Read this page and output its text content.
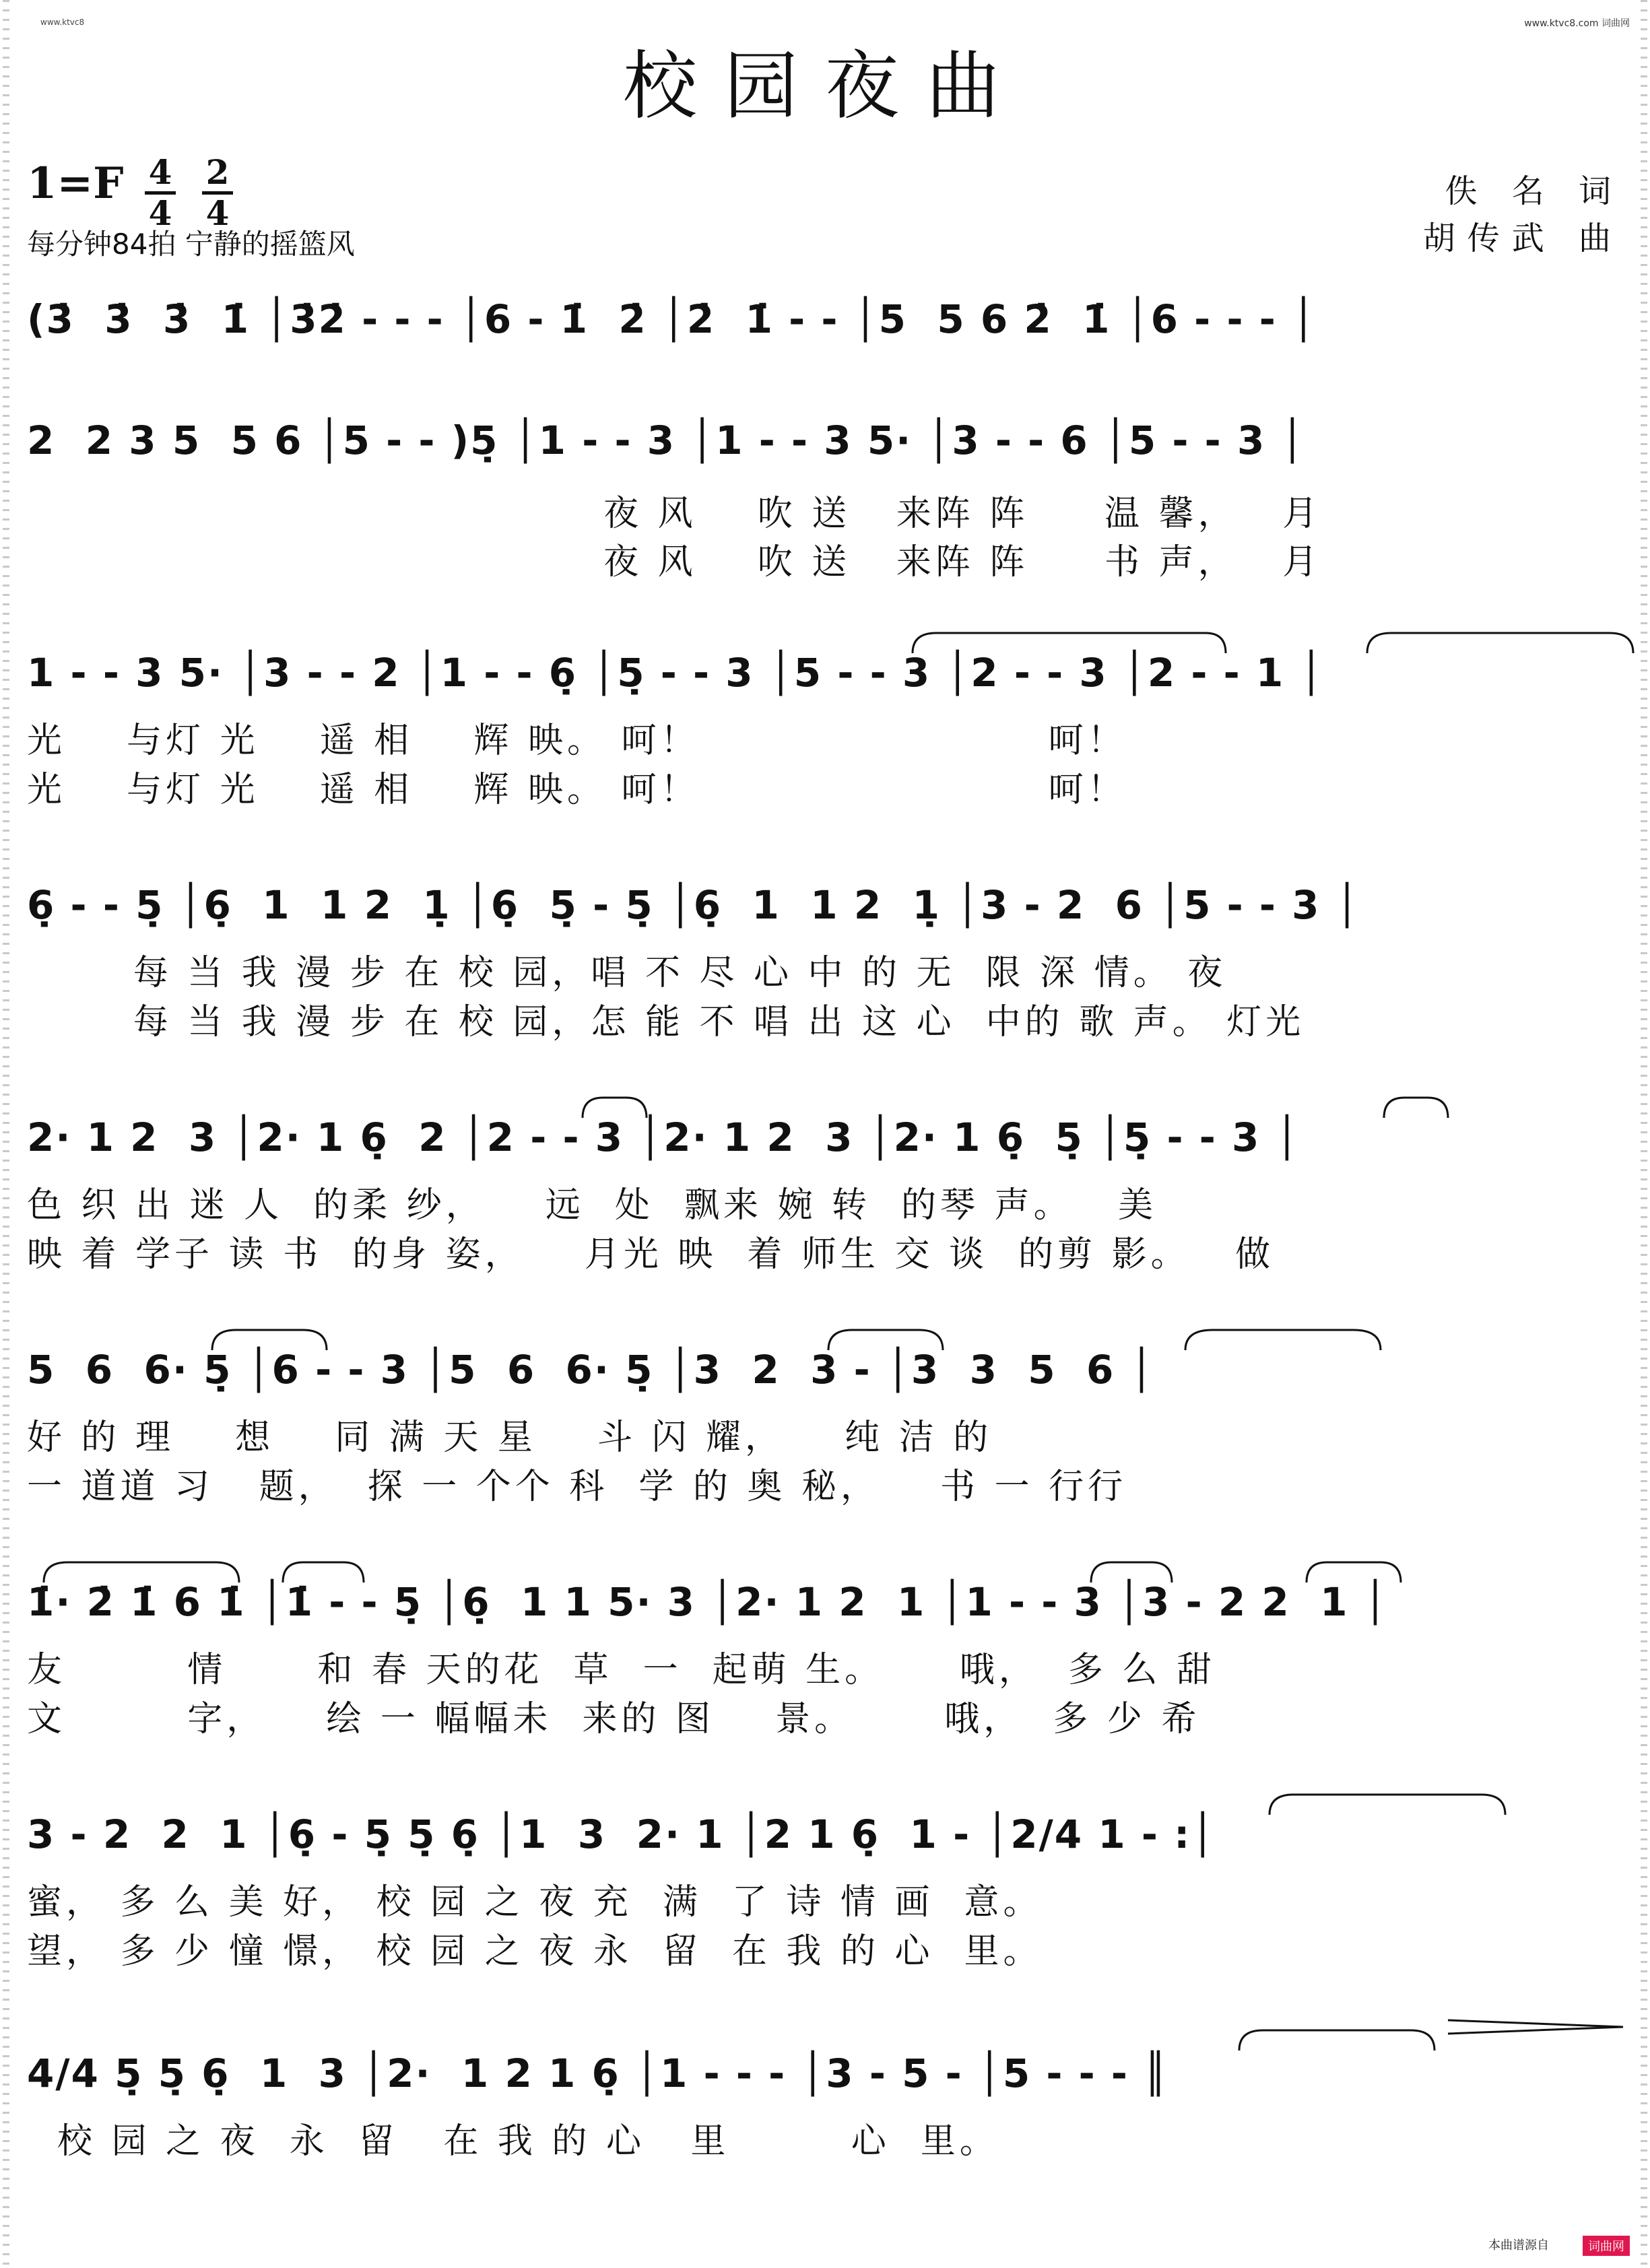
www.ktvc8	www.ktvc8.com 词曲网
校园夜曲
1=F 4
4
2
4
每分钟84拍 宁静的摇篮风
佚 名 词
胡传武 曲
(3̇  3̇  3̇  1̇ │3̇2̇ - - - │6 - 1̇  2̇ │2̇  1̇ - - │5  5 6 2̇  1̇ │6 - - - │
2  2 3 5  5 6 │5 - - )5̣ │1 - - 3 │1 - - 3 5· │3 - - 6 │5 - - 3 │
夜 风    吹 送   来阵 阵     温 馨，   月
夜 风    吹 送   来阵 阵     书 声，   月
1 - - 3 5· │3 - - 2 │1 - - 6̣ │5̣ - - 3 │5 - - 3 │2 - - 3 │2 - - 1 │
光    与灯 光    遥 相    辉 映。 呵！                       呵！
光    与灯 光    遥 相    辉 映。 呵！                       呵！
6̣ - - 5̣ │6̣  1  1 2  1̣ │6̣  5̣ - 5̣ │6̣  1  1 2  1̣ │3 - 2  6 │5 - - 3 │
每 当 我 漫 步 在 校 园，唱 不 尽 心 中 的 无  限 深 情。 夜
每 当 我 漫 步 在 校 园，怎 能 不 唱 出 这 心  中的 歌 声。 灯光
2· 1 2  3 │2· 1 6̣  2 │2 - - 3 │2· 1 2  3 │2· 1 6̣  5̣ │5̣ - - 3 │
色 织 出 迷 人  的柔 纱，    远  处  飘来 婉 转  的琴 声。   美
映 着 学子 读 书  的身 姿，    月光 映  着 师生 交 谈  的剪 影。   做
5  6  6· 5̣ │6 - - 3 │5  6  6· 5̣ │3  2  3 - │3  3  5  6 │
好 的 理    想    同 满 天 星    斗 闪 耀，    纯 洁 的
一 道道 习   题，  探 一 个个 科  学 的 奥 秘，    书 一 行行
1̇· 2̇ 1̇ 6 1̇ │1̇ - - 5̣ │6̣  1 1 5· 3 │2· 1 2  1 │1 - - 3 │3 - 2 2  1 │
友        情      和 春 天的花  草  一  起萌 生。     哦，  多 么 甜
文        字，    绘 一 幅幅未  来的 图    景。      哦，  多 少 希
3 - 2  2  1 │6̣ - 5̣ 5̣ 6̣ │1  3  2· 1 │2 1 6̣  1 - │2/4 1 - :│
蜜， 多 么 美 好， 校 园 之 夜 充  满  了 诗 情 画  意。
望， 多 少 憧 憬， 校 园 之 夜 永  留  在 我 的 心  里。
4/4 5̣ 5̣ 6̣  1  3 │2·  1 2 1 6̣ │1 - - - │3 - 5 - │5 - - - ║
校 园 之 夜  永  留   在 我 的 心   里        心  里。
本曲谱源自	词曲网
